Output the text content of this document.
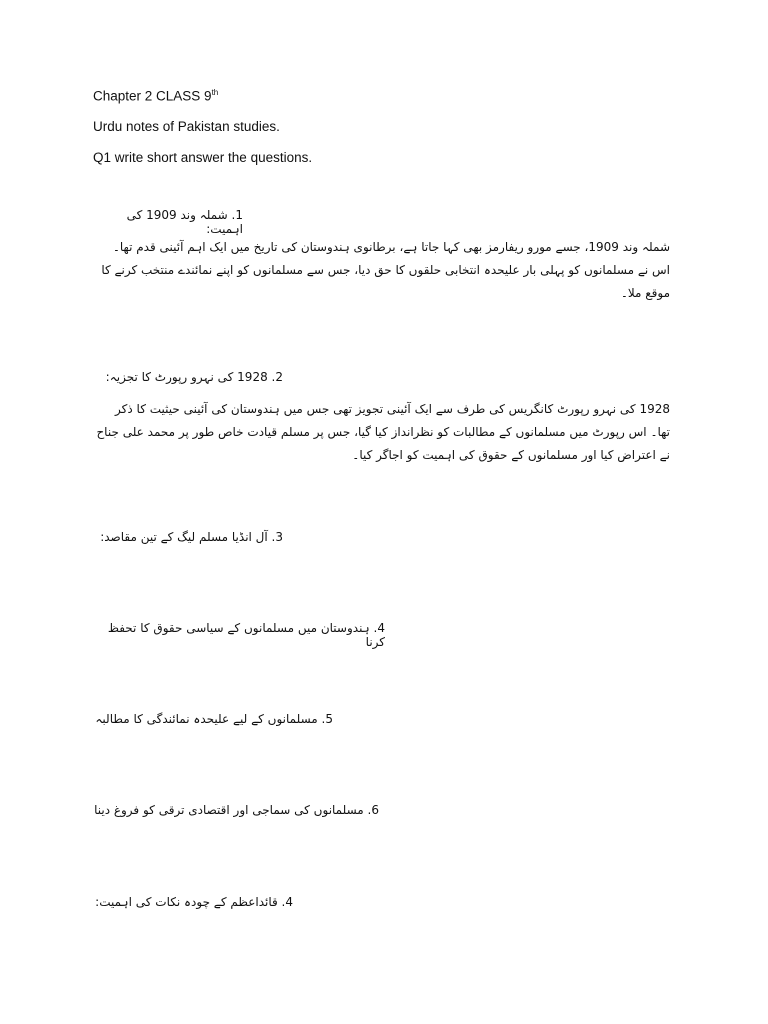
Chapter 2 CLASS 9th
Urdu notes of Pakistan studies.
Q1 write short answer the questions.
1. شملہ وند 1909 کی اہمیت:
شملہ وند 1909، جسے مورو ریفارمز بھی کہا جاتا ہے، برطانوی ہندوستان کی تاریخ میں ایک اہم آئینی قدم تھا۔ اس نے مسلمانوں کو پہلی بار علیحدہ انتخابی حلقوں کا حق دیا، جس سے مسلمانوں کو اپنے نمائندے منتخب کرنے کا موقع ملا۔
2. 1928 کی نہرو رپورٹ کا تجزیہ:
1928 کی نہرو رپورٹ کانگریس کی طرف سے ایک آئینی تجویز تھی جس میں ہندوستان کی آئینی حیثیت کا ذکر تھا۔ اس رپورٹ میں مسلمانوں کے مطالبات کو نظرانداز کیا گیا، جس پر مسلم قیادت خاص طور پر محمد علی جناح نے اعتراض کیا اور مسلمانوں کے حقوق کی اہمیت کو اجاگر کیا۔
3. آل انڈیا مسلم لیگ کے تین مقاصد:
4. ہندوستان میں مسلمانوں کے سیاسی حقوق کا تحفظ کرنا
5. مسلمانوں کے لیے علیحدہ نمائندگی کا مطالبہ
6. مسلمانوں کی سماجی اور اقتصادی ترقی کو فروغ دینا
4. قائداعظم کے چودہ نکات کی اہمیت:
